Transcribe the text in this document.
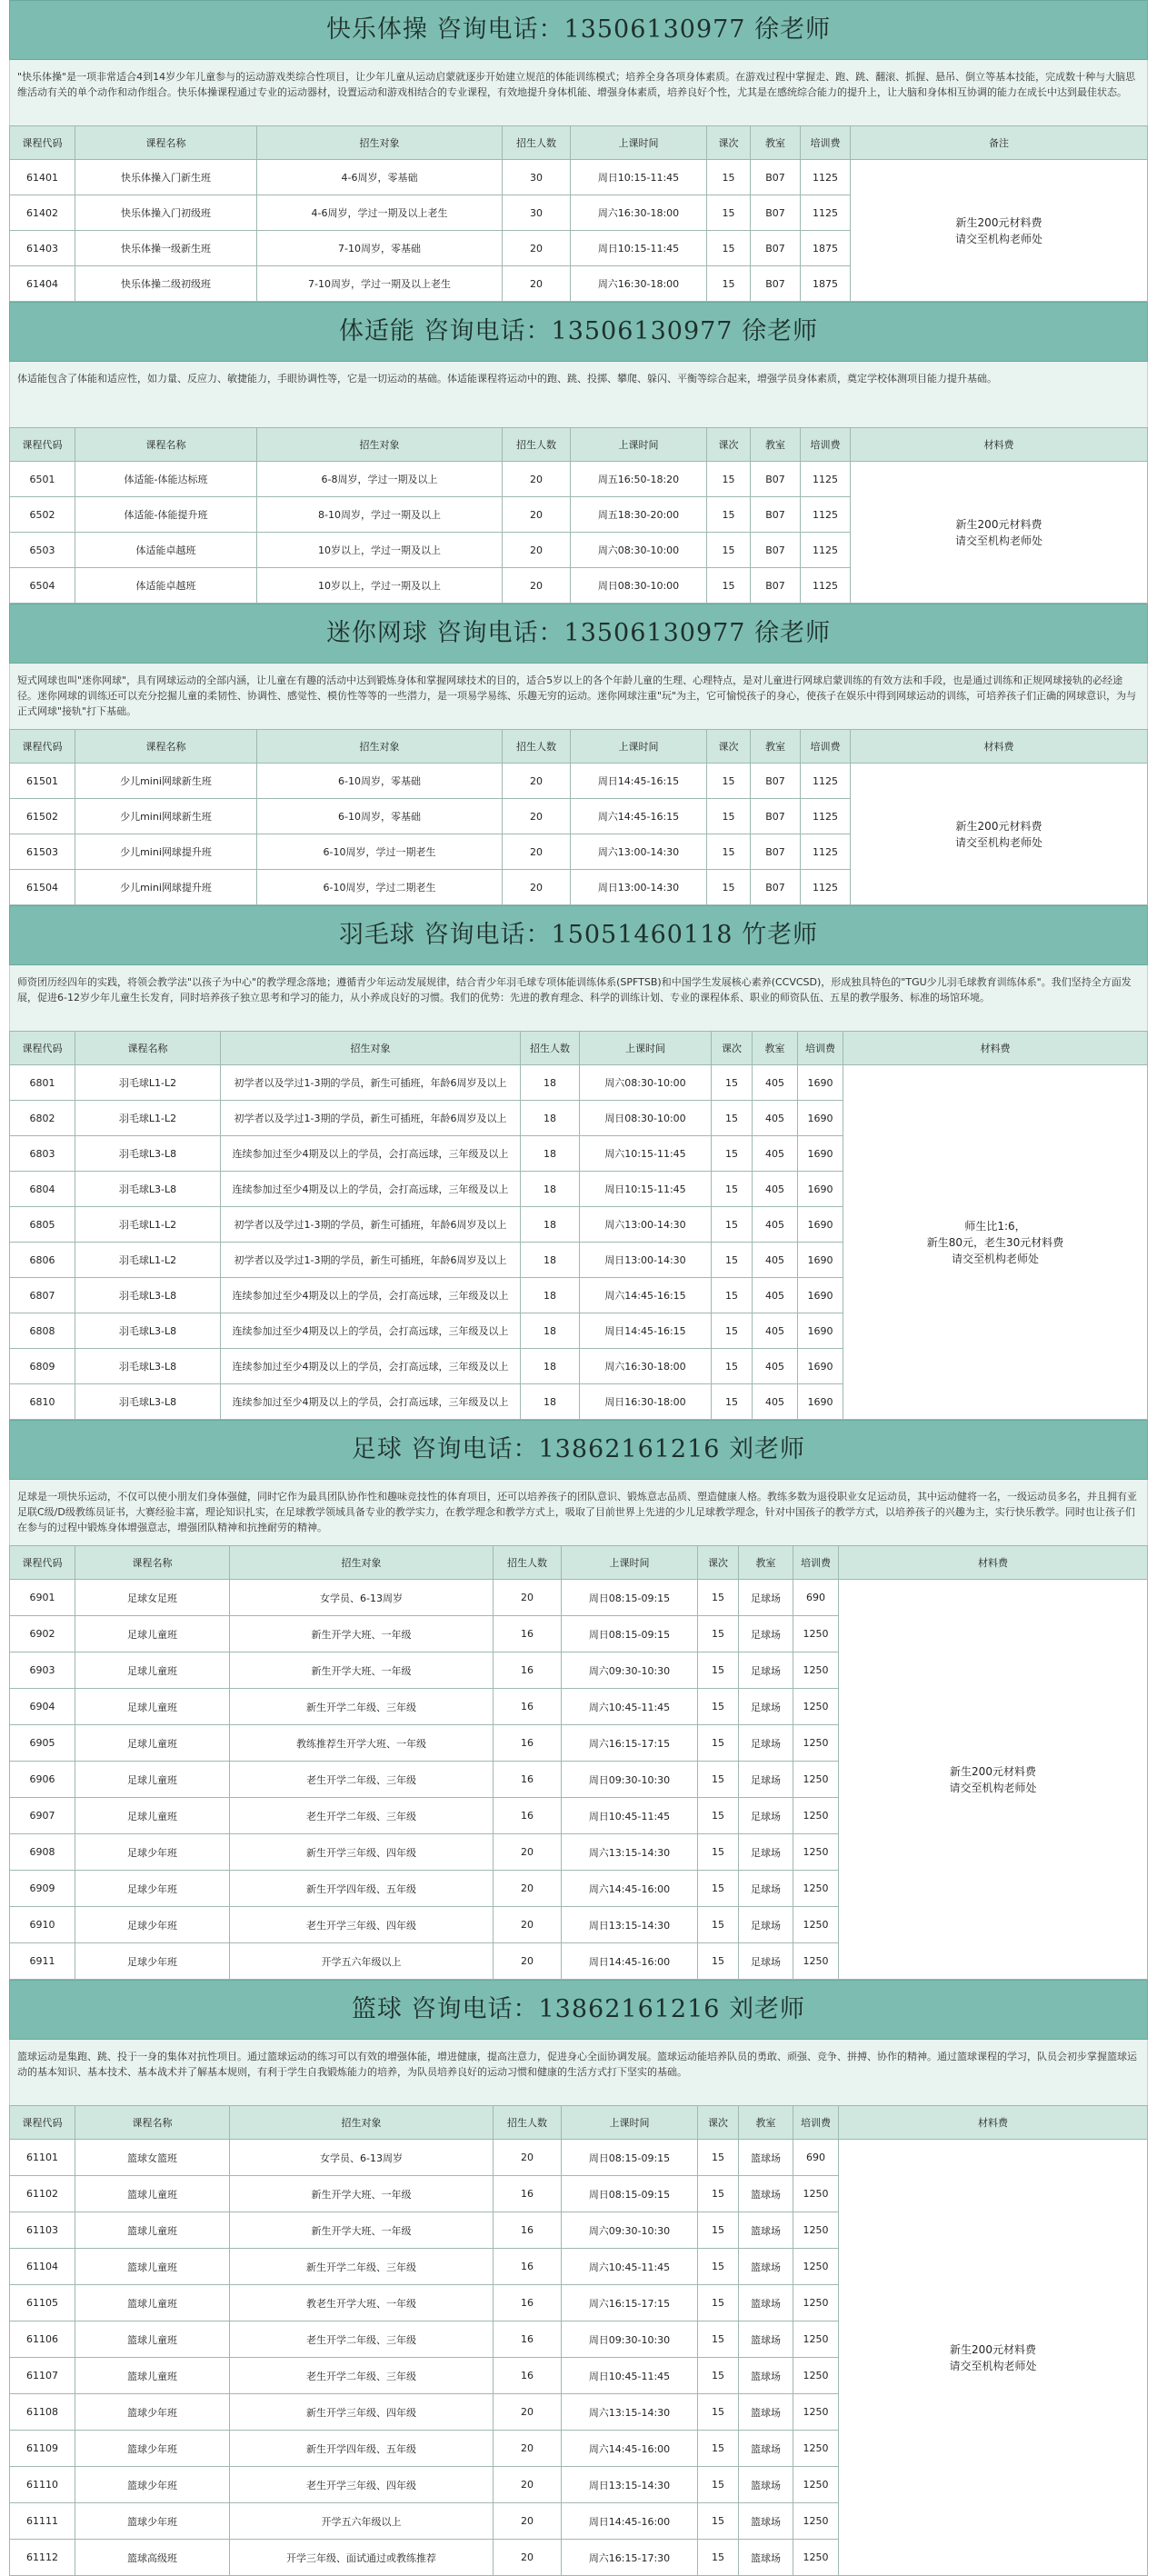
快乐体操 咨询电话：13506130977 徐老师
"快乐体操"是一项非常适合4到14岁少年儿童参与的运动游戏类综合性项目，让少年儿童从运动启蒙就逐步开始建立规范的体能训练模式；培养全身各项身体素质。在游戏过程中掌握走、跑、跳、翻滚、抓握、悬吊、倒立等基本技能，完成数十种与大脑思维活动有关的单个动作和动作组合。快乐体操课程通过专业的运动器材，设置运动和游戏相结合的专业课程，有效地提升身体机能、增强身体素质，培养良好个性，尤其是在感统综合能力的提升上，让大脑和身体相互协调的能力在成长中达到最佳状态。
课程代码	课程名称	招生对象	招生人数	上课时间	课次	教室	培训费	备注
61401	快乐体操入门新生班	4-6周岁，零基础	30	周日10:15-11:45	15	B07	1125	新生200元材料费
请交至机构老师处
61402	快乐体操入门初级班	4-6周岁，学过一期及以上老生	30	周六16:30-18:00	15	B07	1125	
61403	快乐体操一级新生班	7-10周岁，零基础	20	周日10:15-11:45	15	B07	1875	
61404	快乐体操二级初级班	7-10周岁，学过一期及以上老生	20	周六16:30-18:00	15	B07	1875	
体适能 咨询电话：13506130977 徐老师
体适能包含了体能和适应性，如力量、反应力、敏捷能力，手眼协调性等，它是一切运动的基础。体适能课程将运动中的跑、跳、投掷、攀爬、躲闪、平衡等综合起来，增强学员身体素质，奠定学校体测项目能力提升基础。
课程代码	课程名称	招生对象	招生人数	上课时间	课次	教室	培训费	材料费
6501	体适能-体能达标班	6-8周岁，学过一期及以上	20	周五16:50-18:20	15	B07	1125	新生200元材料费
请交至机构老师处
6502	体适能-体能提升班	8-10周岁，学过一期及以上	20	周五18:30-20:00	15	B07	1125	
6503	体适能卓越班	10岁以上，学过一期及以上	20	周六08:30-10:00	15	B07	1125	
6504	体适能卓越班	10岁以上，学过一期及以上	20	周日08:30-10:00	15	B07	1125	
迷你网球 咨询电话：13506130977 徐老师
短式网球也叫"迷你网球"，具有网球运动的全部内涵，让儿童在有趣的活动中达到锻炼身体和掌握网球技术的目的，适合5岁以上的各个年龄儿童的生理、心理特点，是对儿童进行网球启蒙训练的有效方法和手段，也是通过训练和正规网球接轨的必经途径。迷你网球的训练还可以充分挖掘儿童的柔韧性、协调性、感觉性、模仿性等等的一些潜力，是一项易学易练、乐趣无穷的运动。迷你网球注重"玩"为主，它可愉悦孩子的身心，使孩子在娱乐中得到网球运动的训练，可培养孩子们正确的网球意识，为与正式网球"接轨"打下基础。
课程代码	课程名称	招生对象	招生人数	上课时间	课次	教室	培训费	材料费
61501	少儿mini网球新生班	6-10周岁，零基础	20	周日14:45-16:15	15	B07	1125	新生200元材料费
请交至机构老师处
61502	少儿mini网球新生班	6-10周岁，零基础	20	周六14:45-16:15	15	B07	1125	
61503	少儿mini网球提升班	6-10周岁，学过一期老生	20	周六13:00-14:30	15	B07	1125	
61504	少儿mini网球提升班	6-10周岁，学过二期老生	20	周日13:00-14:30	15	B07	1125	
羽毛球 咨询电话：15051460118 竹老师
师资团历经四年的实践，将领会教学法"以孩子为中心"的教学理念落地；遵循青少年运动发展规律，结合青少年羽毛球专项体能训练体系(SPFTSB)和中国学生发展核心素养(CCVCSD)，形成独具特色的"TGU少儿羽毛球教育训练体系"。我们坚持全方面发展，促进6-12岁少年儿童生长发育，同时培养孩子独立思考和学习的能力，从小养成良好的习惯。我们的优势：先进的教育理念、科学的训练计划、专业的课程体系、职业的师资队伍、五星的教学服务、标准的场馆环境。
课程代码	课程名称	招生对象	招生人数	上课时间	课次	教室	培训费	材料费
6801	羽毛球L1-L2	初学者以及学过1-3期的学员，新生可插班，年龄6周岁及以上	18	周六08:30-10:00	15	405	1690	师生比1:6，
新生80元，老生30元材料费
请交至机构老师处
6802	羽毛球L1-L2	初学者以及学过1-3期的学员，新生可插班，年龄6周岁及以上	18	周日08:30-10:00	15	405	1690	
6803	羽毛球L3-L8	连续参加过至少4期及以上的学员，会打高远球，三年级及以上	18	周六10:15-11:45	15	405	1690	
6804	羽毛球L3-L8	连续参加过至少4期及以上的学员，会打高远球，三年级及以上	18	周日10:15-11:45	15	405	1690	
6805	羽毛球L1-L2	初学者以及学过1-3期的学员，新生可插班，年龄6周岁及以上	18	周六13:00-14:30	15	405	1690	
6806	羽毛球L1-L2	初学者以及学过1-3期的学员，新生可插班，年龄6周岁及以上	18	周日13:00-14:30	15	405	1690	
6807	羽毛球L3-L8	连续参加过至少4期及以上的学员，会打高远球，三年级及以上	18	周六14:45-16:15	15	405	1690	
6808	羽毛球L3-L8	连续参加过至少4期及以上的学员，会打高远球，三年级及以上	18	周日14:45-16:15	15	405	1690	
6809	羽毛球L3-L8	连续参加过至少4期及以上的学员，会打高远球，三年级及以上	18	周六16:30-18:00	15	405	1690	
6810	羽毛球L3-L8	连续参加过至少4期及以上的学员，会打高远球，三年级及以上	18	周日16:30-18:00	15	405	1690	
足球 咨询电话：13862161216 刘老师
足球是一项快乐运动，不仅可以使小朋友们身体强健，同时它作为最具团队协作性和趣味竞技性的体育项目，还可以培养孩子的团队意识、锻炼意志品质、塑造健康人格。教练多数为退役职业女足运动员，其中运动健将一名，一级运动员多名，并且拥有亚足联C级/D级教练员证书，大赛经验丰富，理论知识扎实，在足球教学领域具备专业的教学实力，在教学理念和教学方式上，吸取了目前世界上先进的少儿足球教学理念，针对中国孩子的教学方式，以培养孩子的兴趣为主，实行快乐教学。同时也让孩子们在参与的过程中锻炼身体增强意志，增强团队精神和抗挫耐劳的精神。
课程代码	课程名称	招生对象	招生人数	上课时间	课次	教室	培训费	材料费
6901	足球女足班	女学员、6-13周岁	20	周日08:15-09:15	15	足球场	690	新生200元材料费
请交至机构老师处
6902	足球儿童班	新生开学大班、一年级	16	周日08:15-09:15	15	足球场	1250	
6903	足球儿童班	新生开学大班、一年级	16	周六09:30-10:30	15	足球场	1250	
6904	足球儿童班	新生开学二年级、三年级	16	周六10:45-11:45	15	足球场	1250	
6905	足球儿童班	教练推荐生开学大班、一年级	16	周六16:15-17:15	15	足球场	1250	
6906	足球儿童班	老生开学二年级、三年级	16	周日09:30-10:30	15	足球场	1250	
6907	足球儿童班	老生开学二年级、三年级	16	周日10:45-11:45	15	足球场	1250	
6908	足球少年班	新生开学三年级、四年级	20	周六13:15-14:30	15	足球场	1250	
6909	足球少年班	新生开学四年级、五年级	20	周六14:45-16:00	15	足球场	1250	
6910	足球少年班	老生开学三年级、四年级	20	周日13:15-14:30	15	足球场	1250	
6911	足球少年班	开学五六年级以上	20	周日14:45-16:00	15	足球场	1250	
篮球 咨询电话：13862161216 刘老师
篮球运动是集跑、跳、投于一身的集体对抗性项目。通过篮球运动的练习可以有效的增强体能，增进健康，提高注意力，促进身心全面协调发展。篮球运动能培养队员的勇敢、顽强、竞争、拼搏、协作的精神。通过篮球课程的学习，队员会初步掌握篮球运动的基本知识、基本技术、基本战术并了解基本规则，有利于学生自我锻炼能力的培养，为队员培养良好的运动习惯和健康的生活方式打下坚实的基础。
课程代码	课程名称	招生对象	招生人数	上课时间	课次	教室	培训费	材料费
61101	篮球女篮班	女学员、6-13周岁	20	周日08:15-09:15	15	篮球场	690	新生200元材料费
请交至机构老师处
61102	篮球儿童班	新生开学大班、一年级	16	周日08:15-09:15	15	篮球场	1250	
61103	篮球儿童班	新生开学大班、一年级	16	周六09:30-10:30	15	篮球场	1250	
61104	篮球儿童班	新生开学二年级、三年级	16	周六10:45-11:45	15	篮球场	1250	
61105	篮球儿童班	教老生开学大班、一年级	16	周六16:15-17:15	15	篮球场	1250	
61106	篮球儿童班	老生开学二年级、三年级	16	周日09:30-10:30	15	篮球场	1250	
61107	篮球儿童班	老生开学二年级、三年级	16	周日10:45-11:45	15	篮球场	1250	
61108	篮球少年班	新生开学三年级、四年级	20	周六13:15-14:30	15	篮球场	1250	
61109	篮球少年班	新生开学四年级、五年级	20	周六14:45-16:00	15	篮球场	1250	
61110	篮球少年班	老生开学三年级、四年级	20	周日13:15-14:30	15	篮球场	1250	
61111	篮球少年班	开学五六年级以上	20	周日14:45-16:00	15	篮球场	1250	
61112	篮球高级班	开学三年级、面试通过或教练推荐	20	周六16:15-17:30	15	篮球场	1250	
